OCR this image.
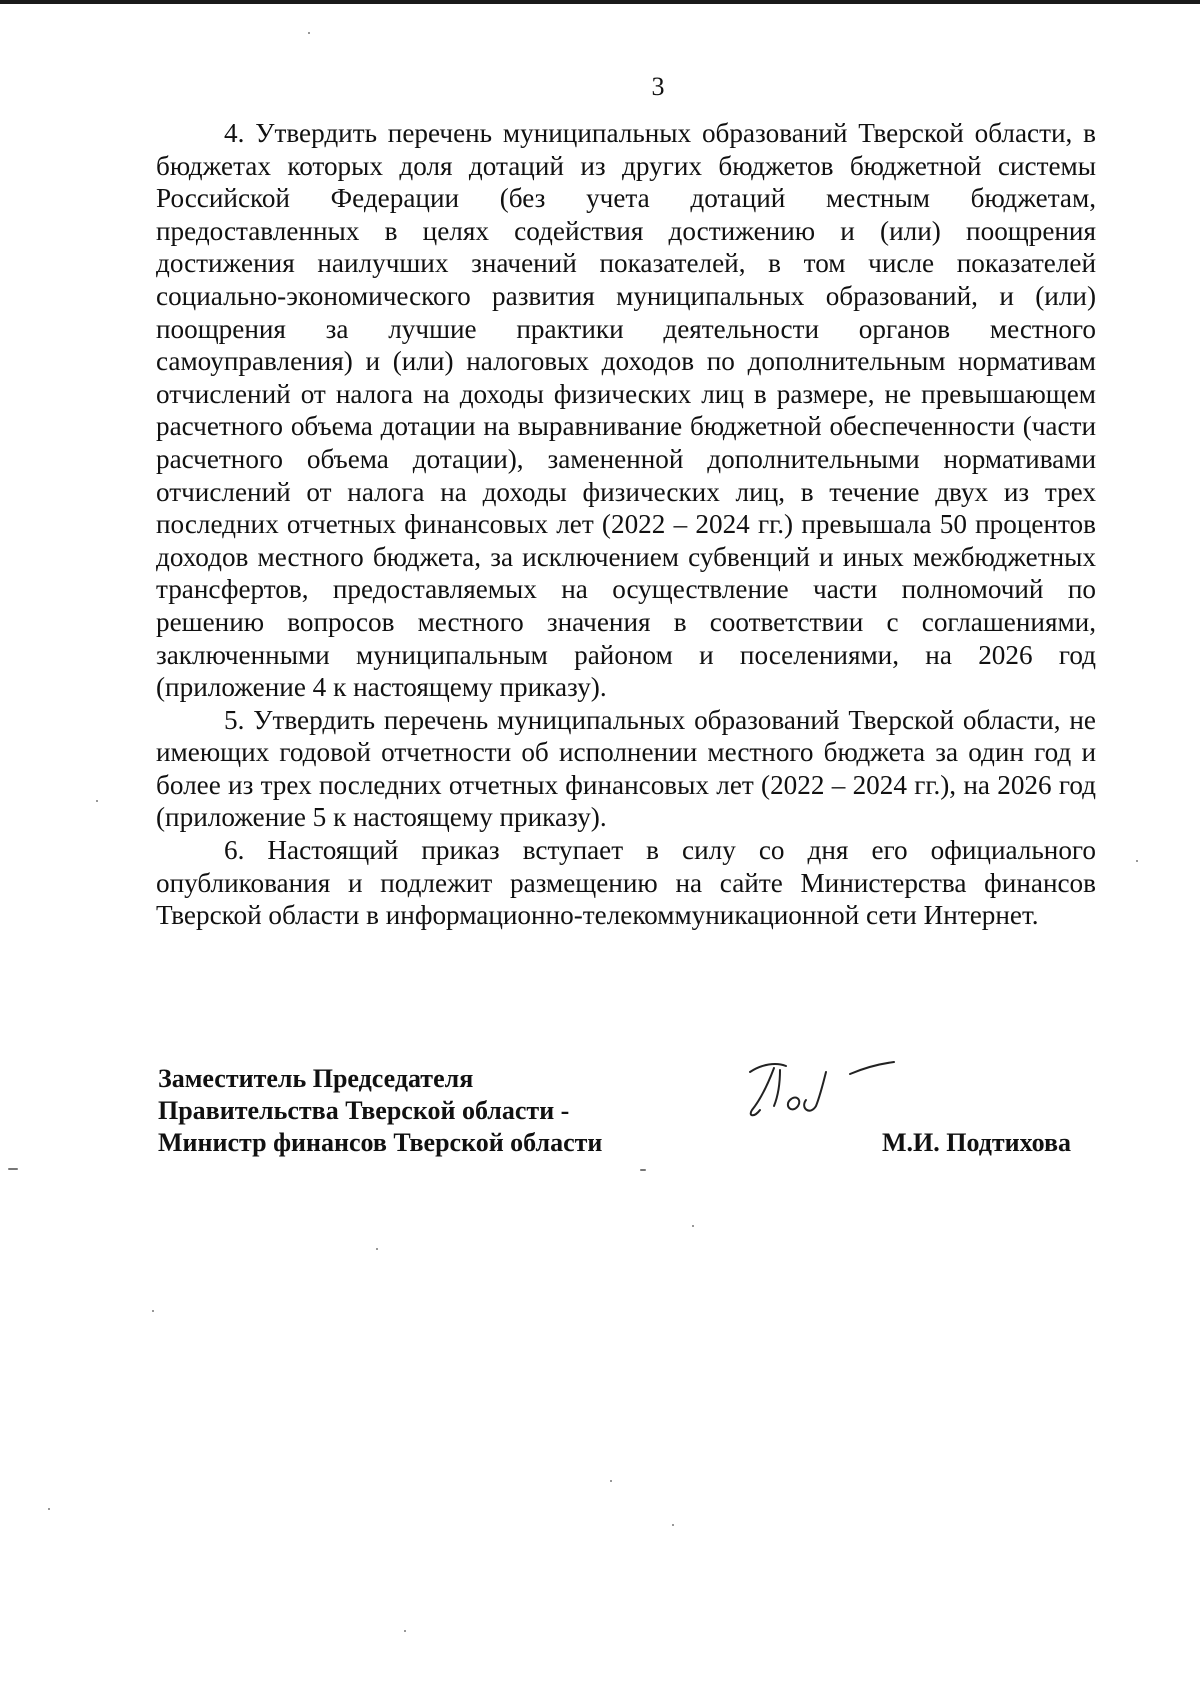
3

4. Утвердить перечень муниципальных образований Тверской области, в бюджетах которых доля дотаций из других бюджетов бюджетной системы Российской Федерации (без учета дотаций местным бюджетам, предоставленных в целях содействия достижению и (или) поощрения достижения наилучших значений показателей, в том числе показателей социально-экономического развития муниципальных образований, и (или) поощрения за лучшие практики деятельности органов местного самоуправления) и (или) налоговых доходов по дополнительным нормативам отчислений от налога на доходы физических лиц в размере, не превышающем расчетного объема дотации на выравнивание бюджетной обеспеченности (части расчетного объема дотации), замененной дополнительными нормативами отчислений от налога на доходы физических лиц, в течение двух из трех последних отчетных финансовых лет (2022 – 2024 гг.) превышала 50 процентов доходов местного бюджета, за исключением субвенций и иных межбюджетных трансфертов, предоставляемых на осуществление части полномочий по решению вопросов местного значения в соответствии с соглашениями, заключенными муниципальным районом и поселениями, на 2026 год (приложение 4 к настоящему приказу).

5. Утвердить перечень муниципальных образований Тверской области, не имеющих годовой отчетности об исполнении местного бюджета за один год и более из трех последних отчетных финансовых лет (2022 – 2024 гг.), на 2026 год (приложение 5 к настоящему приказу).

6. Настоящий приказ вступает в силу со дня его официального опубликования и подлежит размещению на сайте Министерства финансов Тверской области в информационно-телекоммуникационной сети Интернет.

Заместитель Председателя
Правительства Тверской области -
Министр финансов Тверской области	М.И. Подтихова
